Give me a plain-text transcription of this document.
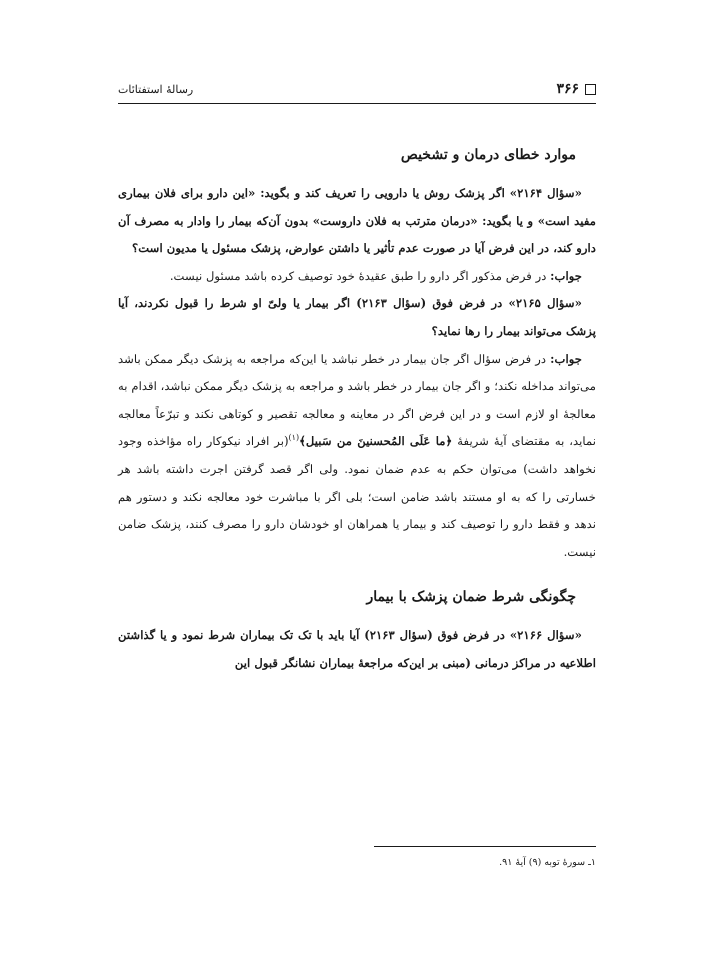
۳۶۶
رسالۀ استفتائات
موارد خطای درمان و تشخیص

«سؤال ۲۱۶۴» اگر پزشک روش یا دارویی را تعریف کند و بگوید: «این دارو برای فلان بیماری مفید است» و یا بگوید: «درمان مترتب به فلان داروست» بدون آن‌که بیمار را وادار به مصرف آن دارو کند، در این فرض آیا در صورت عدم تأثیر یا داشتن عوارض، پزشک مسئول یا مدیون است؟

جواب: در فرض مذکور اگر دارو را طبق عقیدۀ خود توصیف کرده باشد مسئول نیست.

«سؤال ۲۱۶۵» در فرض فوق (سؤال ۲۱۶۳) اگر بیمار یا ولیّ او شرط را قبول نکردند، آیا پزشک می‌تواند بیمار را رها نماید؟

جواب: در فرض سؤال اگر جان بیمار در خطر نباشد یا این‌که مراجعه به پزشک دیگر ممکن باشد می‌تواند مداخله نکند؛ و اگر جان بیمار در خطر باشد و مراجعه به پزشک دیگر ممکن نباشد، اقدام به معالجۀ او لازم است و در این فرض اگر در معاینه و معالجه تقصیر و کوتاهی نکند و تبرّعاً معالجه نماید، به مقتضای آیۀ شریفۀ ﴿ما عَلَی المُحسنینَ من سَبیل﴾$^{(۱)}$(بر افراد نیکوکار راه مؤاخذه وجود نخواهد داشت) می‌توان حکم به عدم ضمان نمود. ولی اگر قصد گرفتن اجرت داشته باشد هر خسارتی را که به او مستند باشد ضامن است؛ بلی اگر با مباشرت خود معالجه نکند و دستور هم ندهد و فقط دارو را توصیف کند و بیمار یا همراهان او خودشان دارو را مصرف کنند، پزشک ضامن نیست.

چگونگی شرط ضمان پزشک با بیمار

«سؤال ۲۱۶۶» در فرض فوق (سؤال ۲۱۶۳) آیا باید با تک تک بیماران شرط نمود و یا گذاشتن اطلاعیه در مراکز درمانی (مبنی بر این‌که مراجعۀ بیماران نشانگر قبول این

۱ـ سورۀ توبه (۹) آیۀ ۹۱.
